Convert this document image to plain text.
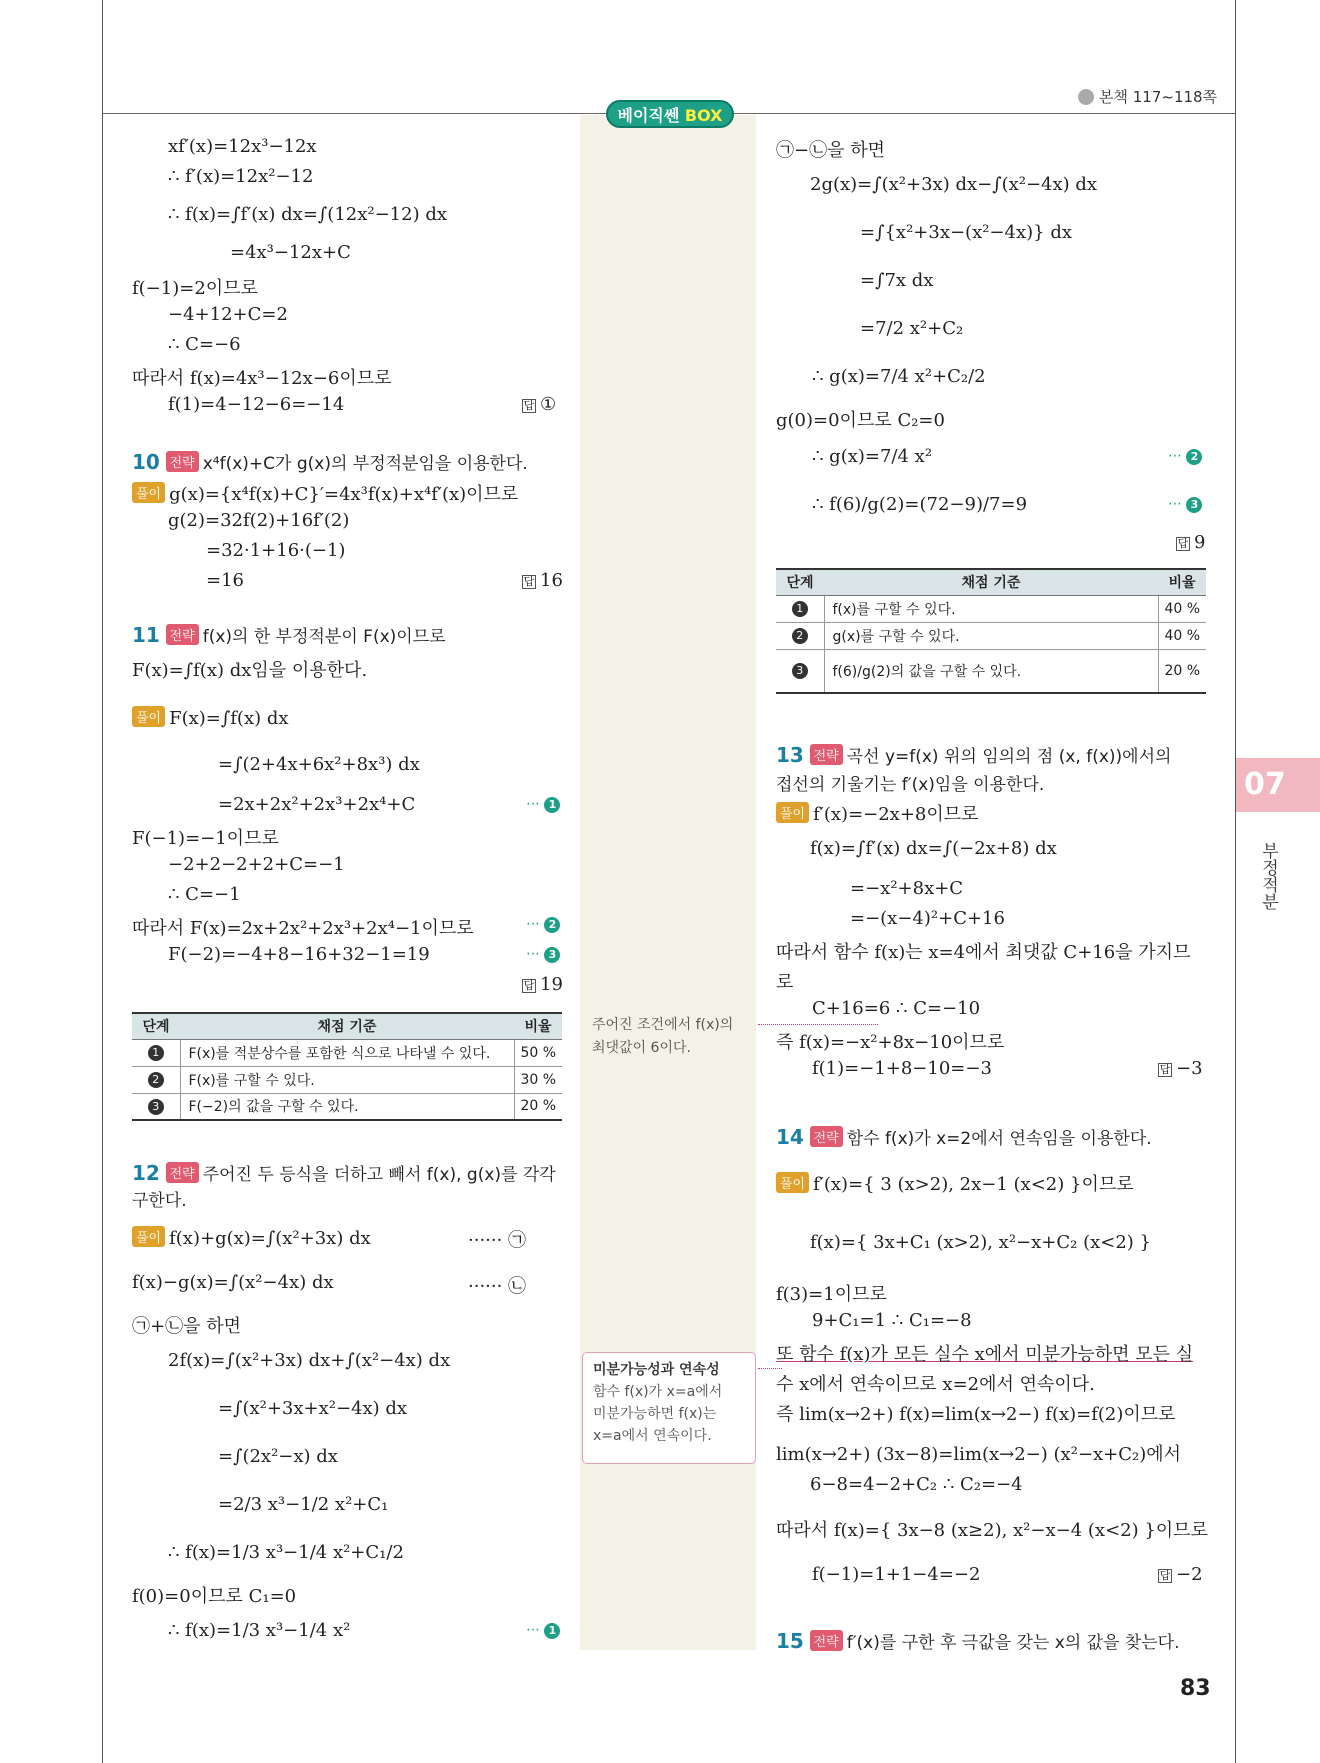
본책 117~118쪽
베이직쎈 BOX
07
부정적분
83
xf′(x)=12x³−12x
∴ f′(x)=12x²−12
∴ f(x)=∫f′(x) dx=∫(12x²−12) dx
=4x³−12x+C
f(−1)=2이므로
−4+12+C=2
∴ C=−6
따라서 f(x)=4x³−12x−6이므로
f(1)=4−12−6=−14	답 ①
10 전략 x⁴f(x)+C가 g(x)의 부정적분임을 이용한다.
풀이 g(x)={x⁴f(x)+C}′=4x³f(x)+x⁴f′(x)이므로
g(2)=32f(2)+16f′(2)
=32·1+16·(−1)
=16	답 16
11 전략 f(x)의 한 부정적분이 F(x)이므로
F(x)=∫f(x) dx임을 이용한다.
풀이 F(x)=∫f(x) dx
=∫(2+4x+6x²+8x³) dx
=2x+2x²+2x³+2x⁴+C	⋯ 1
F(−1)=−1이므로
−2+2−2+2+C=−1
∴ C=−1
따라서 F(x)=2x+2x²+2x³+2x⁴−1이므로	⋯ 2
F(−2)=−4+8−16+32−1=19	⋯ 3
답 19
단계	채점 기준	비율
1	F(x)를 적분상수를 포함한 식으로 나타낼 수 있다.	50 %
2	F(x)를 구할 수 있다.	30 %
3	F(−2)의 값을 구할 수 있다.	20 %
12 전략 주어진 두 등식을 더하고 빼서 f(x), g(x)를 각각
구한다.
풀이 f(x)+g(x)=∫(x²+3x) dx	······ ㉠
f(x)−g(x)=∫(x²−4x) dx	······ ㉡
㉠+㉡을 하면
2f(x)=∫(x²+3x) dx+∫(x²−4x) dx
=∫(x²+3x+x²−4x) dx
=∫(2x²−x) dx
=2/3 x³−1/2 x²+C₁
∴ f(x)=1/3 x³−1/4 x²+C₁/2
f(0)=0이므로 C₁=0
∴ f(x)=1/3 x³−1/4 x²	⋯ 1
주어진 조건에서 f(x)의
최댓값이 6이다.
미분가능성과 연속성
함수 f(x)가 x=a에서
미분가능하면 f(x)는
x=a에서 연속이다.
㉠−㉡을 하면
2g(x)=∫(x²+3x) dx−∫(x²−4x) dx
=∫{x²+3x−(x²−4x)} dx
=∫7x dx
=7/2 x²+C₂
∴ g(x)=7/4 x²+C₂/2
g(0)=0이므로 C₂=0
∴ g(x)=7/4 x²	⋯ 2
∴ f(6)/g(2)=(72−9)/7=9	⋯ 3
답 9
단계	채점 기준	비율
1	f(x)를 구할 수 있다.	40 %
2	g(x)를 구할 수 있다.	40 %
3	f(6)/g(2)의 값을 구할 수 있다.	20 %
13 전략 곡선 y=f(x) 위의 임의의 점 (x, f(x))에서의
접선의 기울기는 f′(x)임을 이용한다.
풀이 f′(x)=−2x+8이므로
f(x)=∫f′(x) dx=∫(−2x+8) dx
=−x²+8x+C
=−(x−4)²+C+16
따라서 함수 f(x)는 x=4에서 최댓값 C+16을 가지므
로
C+16=6 ∴ C=−10
즉 f(x)=−x²+8x−10이므로
f(1)=−1+8−10=−3	답 −3
14 전략 함수 f(x)가 x=2에서 연속임을 이용한다.
풀이 f′(x)={ 3 (x>2), 2x−1 (x<2) }이므로
f(x)={ 3x+C₁ (x>2), x²−x+C₂ (x<2) }
f(3)=1이므로
9+C₁=1 ∴ C₁=−8
또 함수 f(x)가 모든 실수 x에서 미분가능하면 모든 실
수 x에서 연속이므로 x=2에서 연속이다.
즉 lim(x→2+) f(x)=lim(x→2−) f(x)=f(2)이므로
lim(x→2+) (3x−8)=lim(x→2−) (x²−x+C₂)에서
6−8=4−2+C₂ ∴ C₂=−4
따라서 f(x)={ 3x−8 (x≥2), x²−x−4 (x<2) }이므로
f(−1)=1+1−4=−2	답 −2
15 전략 f′(x)를 구한 후 극값을 갖는 x의 값을 찾는다.
